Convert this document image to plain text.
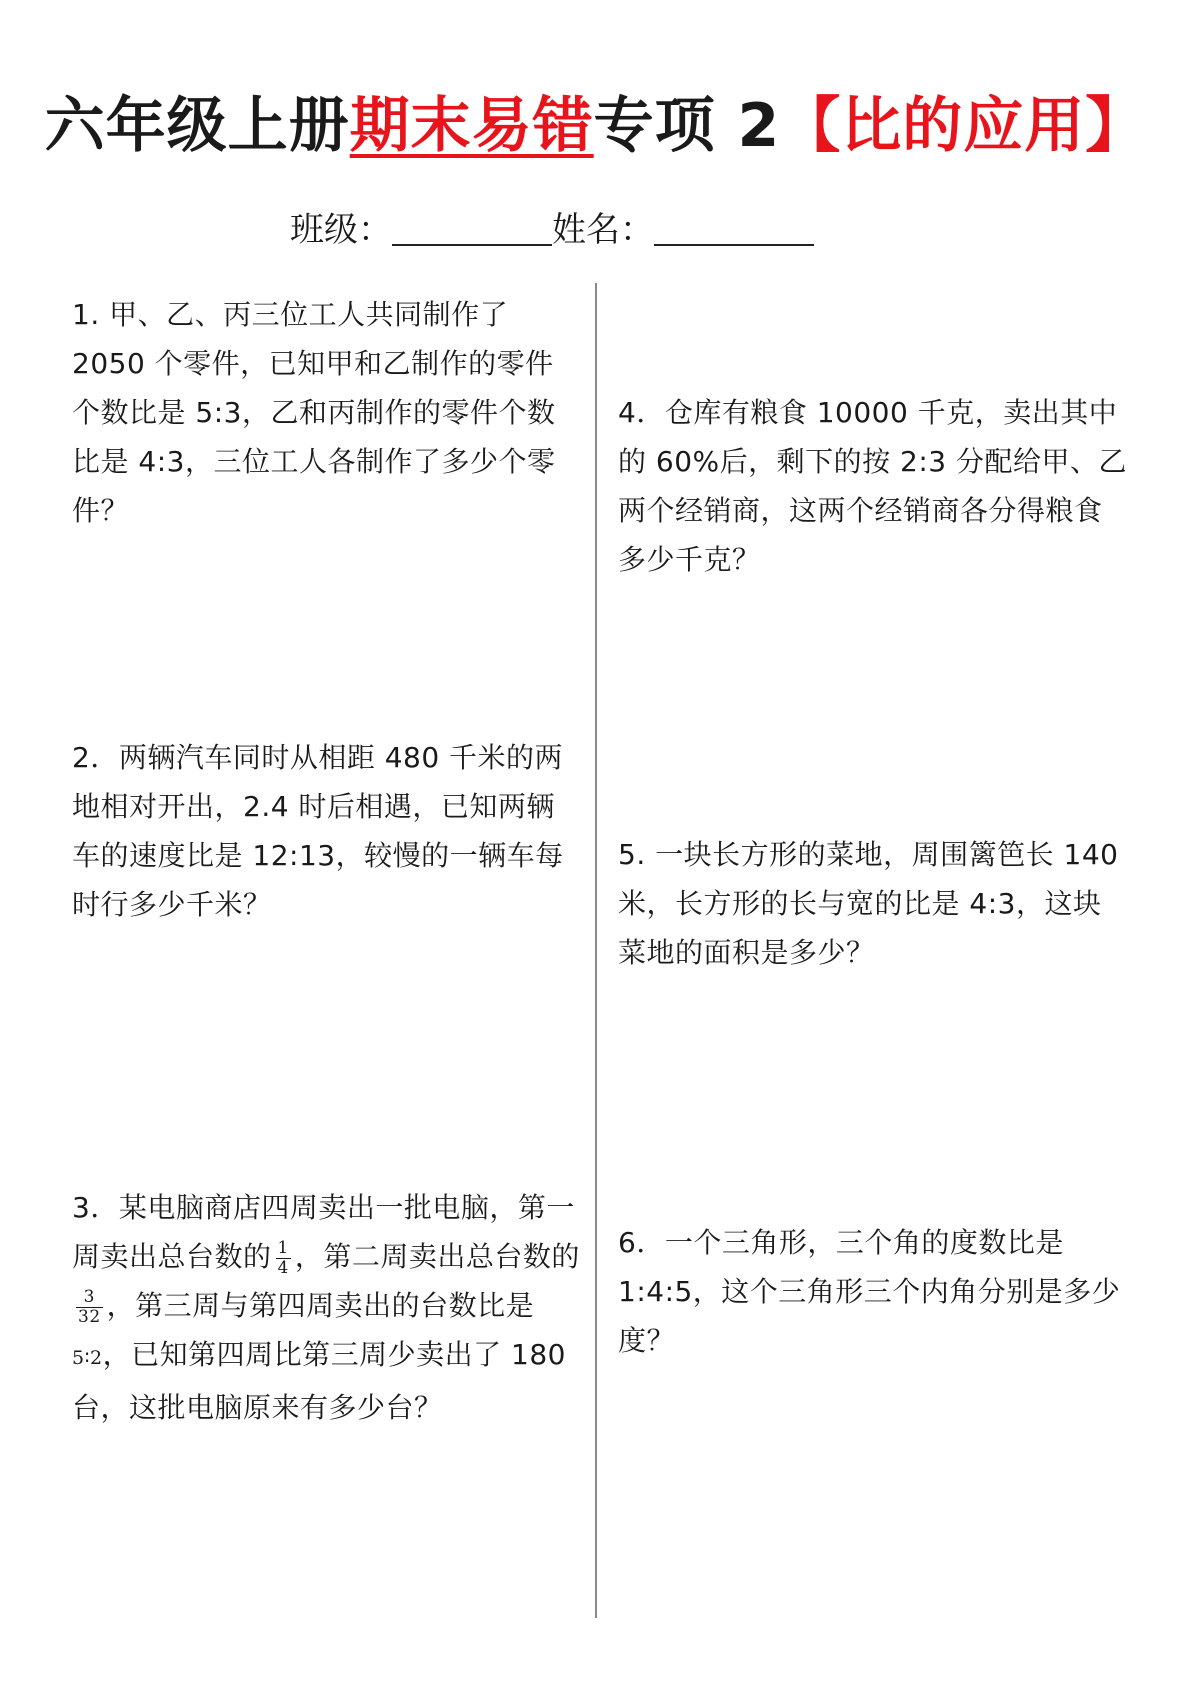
六年级上册期末易错专项 2【比的应用】
班级：	姓名：
1. 甲、乙、丙三位工人共同制作了 2050 个零件，已知甲和乙制作的零件个数比是 5:3，乙和丙制作的零件个数比是 4:3，三位工人各制作了多少个零件？
2．两辆汽车同时从相距 480 千米的两地相对开出，2.4 时后相遇，已知两辆车的速度比是 12:13，较慢的一辆车每时行多少千米？
3．某电脑商店四周卖出一批电脑，第一周卖出总台数的 $\frac{1}{4}$ ，第二周卖出总台数的
$\frac{3}{32}$ ，第三周与第四周卖出的台数比是5∶2，已知第四周比第三周少卖出了 180 台，这批电脑原来有多少台？
4．仓库有粮食 10000 千克，卖出其中的 60%后，剩下的按 2:3 分配给甲、乙两个经销商，这两个经销商各分得粮食多少千克？
5. 一块长方形的菜地，周围篱笆长 140 米，长方形的长与宽的比是 4:3，这块菜地的面积是多少？
6．一个三角形，三个角的度数比是 1:4:5，这个三角形三个内角分别是多少度？
